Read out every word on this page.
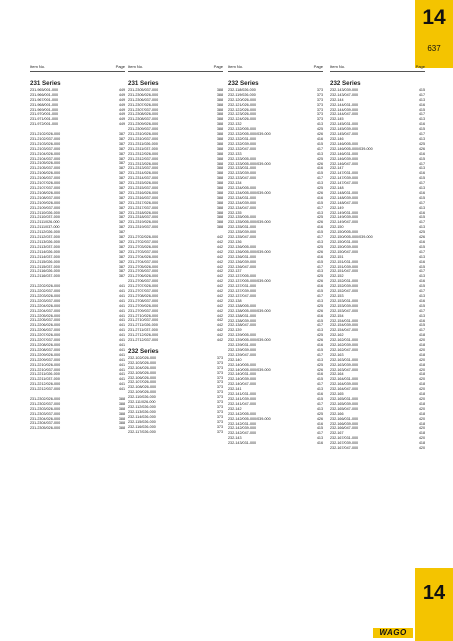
14
637
14
WAGO
Item No.	Page
231 Series
231-965/001-000	449
231-966/001-000	449
231-967/001-000	449
231-968/001-000	449
231-969/001-000	449
231-970/001-000	449
231-971/001-000	449
231-972/001-000	449
231-2102/026-000	387
231-2102/037-000	387
231-2103/026-000	387
231-2103/037-000	387
231-2104/026-000	387
231-2104/037-000	387
231-2105/026-000	387
231-2105/037-000	387
231-2106/026-000	387
231-2106/037-000	387
231-2107/026-000	387
231-2107/037-000	387
231-2108/026-000	387
231-2108/037-000	387
231-2109/026-000	387
231-2109/037-000	387
231-2110/026-000	387
231-2110/037-000	387
231-2111/026-000	387
231-2111/037-000	387
231-2112/026-000	387
231-2112/037-000	387
231-2113/026-000	387
231-2113/037-000	387
231-2114/026-000	387
231-2114/037-000	387
231-2115/026-000	387
231-2115/037-000	387
231-2116/026-000	387
231-2116/037-000	387
231-2202/026-000	441
231-2202/037-000	441
231-2203/026-000	441
231-2203/037-000	441
231-2204/026-000	441
231-2204/037-000	441
231-2205/026-000	441
231-2205/037-000	441
231-2206/026-000	441
231-2206/037-000	441
231-2207/026-000	441
231-2207/037-000	441
231-2208/026-000	441
231-2208/037-000	441
231-2209/026-000	441
231-2209/037-000	441
231-2210/026-000	441
231-2210/037-000	441
231-2211/026-000	441
231-2211/037-000	441
231-2212/026-000	441
231-2212/037-000	441
231-2302/026-000	388
231-2302/037-000	388
231-2303/026-000	388
231-2303/037-000	388
231-2304/026-000	388
231-2304/037-000	388
231-2305/026-000	388
Item No.	Page
231 Series
231-2305/037-000	388
231-2306/026-000	388
231-2306/037-000	388
231-2307/026-000	388
231-2307/037-000	388
231-2308/026-000	388
231-2308/037-000	388
231-2309/026-000	388
231-2309/037-000	388
231-2310/026-000	388
231-2310/037-000	388
231-2311/026-000	388
231-2311/037-000	388
231-2312/026-000	388
231-2312/037-000	388
231-2313/026-000	388
231-2313/037-000	388
231-2314/026-000	388
231-2314/037-000	388
231-2315/026-000	388
231-2315/037-000	388
231-2316/026-000	388
231-2316/037-000	388
231-2317/026-000	388
231-2317/037-000	388
231-2318/026-000	388
231-2318/037-000	388
231-2319/026-000	388
231-2319/037-000	388
231-2702/026-000	442
231-2702/037-000	442
231-2703/026-000	442
231-2703/037-000	442
231-2704/026-000	442
231-2704/037-000	442
231-2705/026-000	442
231-2705/037-000	442
231-2706/026-000	442
231-2706/037-000	442
231-2707/026-000	442
231-2707/037-000	442
231-2708/026-000	442
231-2708/037-000	442
231-2709/026-000	442
231-2709/037-000	442
231-2710/026-000	442
231-2710/037-000	442
231-2711/026-000	442
231-2711/037-000	442
231-2712/026-000	442
231-2712/037-000	442
232 Series
232-102/026-000	373
232-103/026-000	373
232-104/026-000	373
232-105/026-000	373
232-106/026-000	373
232-107/026-000	373
232-108/026-000	373
232-109/026-000	373
232-110/026-000	373
232-111/026-000	373
232-112/026-000	373
232-113/026-000	373
232-114/026-000	373
232-115/026-000	373
232-116/026-000	373
232-117/026-000	373
Item No.	Page
232 Series
232-118/026-000	373
232-119/026-000	373
232-120/026-000	373
232-121/026-000	373
232-122/026-000	373
232-123/026-000	373
232-124/026-000	373
232-132	413
232-132/005-000	425
232-132/005-000/039-000	426
232-132/031-000	416
232-132/039-000	415
232-132/047-000	417
232-133	413
232-133/005-000	425
232-133/005-000/039-000	426
232-133/031-000	416
232-133/039-000	415
232-133/047-000	417
232-134	413
232-134/005-000	425
232-134/005-000/039-000	426
232-134/031-000	416
232-134/039-000	415
232-134/047-000	417
232-135	413
232-135/005-000	425
232-135/005-000/039-000	426
232-135/031-000	416
232-135/039-000	415
232-135/047-000	417
232-136	413
232-136/005-000	425
232-136/005-000/039-000	426
232-136/031-000	416
232-136/039-000	415
232-136/047-000	417
232-137	413
232-137/005-000	425
232-137/005-000/039-000	426
232-137/031-000	416
232-137/039-000	415
232-137/047-000	417
232-138	413
232-138/005-000	425
232-138/005-000/039-000	426
232-138/031-000	416
232-138/039-000	415
232-138/047-000	417
232-139	413
232-139/005-000	425
232-139/005-000/039-000	426
232-139/031-000	416
232-139/039-000	415
232-139/047-000	417
232-140	413
232-140/005-000	425
232-140/005-000/039-000	426
232-140/031-000	416
232-140/039-000	415
232-140/047-000	417
232-141	413
232-141/031-000	416
232-141/039-000	415
232-141/047-000	417
232-142	413
232-142/005-000	425
232-142/005-000/039-000	426
232-142/031-000	416
232-142/039-000	415
232-142/047-000	417
232-143	413
232-143/031-000	416
Item No.	Page
232 Series
232-143/039-000	415
232-143/047-000	417
232-144	413
232-144/031-000	416
232-144/039-000	415
232-144/047-000	417
232-145	413
232-145/031-000	416
232-145/039-000	415
232-145/047-000	417
232-146	413
232-146/005-000	425
232-146/005-000/039-000	426
232-146/031-000	416
232-146/039-000	415
232-146/047-000	417
232-147	413
232-147/031-000	416
232-147/039-000	415
232-147/047-000	417
232-148	413
232-148/031-000	416
232-148/039-000	415
232-148/047-000	417
232-149	413
232-149/031-000	416
232-149/039-000	415
232-149/047-000	417
232-150	413
232-150/005-000	425
232-150/005-000/039-000	426
232-150/031-000	416
232-150/039-000	415
232-150/047-000	417
232-151	413
232-151/031-000	416
232-151/039-000	415
232-151/047-000	417
232-152	413
232-152/031-000	416
232-152/039-000	415
232-152/047-000	417
232-153	413
232-153/031-000	416
232-153/039-000	415
232-153/047-000	417
232-154	413
232-154/031-000	416
232-154/039-000	415
232-154/047-000	417
232-162	418
232-162/031-000	420
232-162/039-000	418
232-162/047-000	420
232-163	418
232-163/031-000	420
232-163/039-000	418
232-163/047-000	420
232-164	418
232-164/031-000	420
232-164/039-000	418
232-164/047-000	420
232-165	418
232-165/031-000	420
232-165/039-000	418
232-165/047-000	420
232-166	418
232-166/031-000	420
232-166/039-000	418
232-166/047-000	420
232-167	418
232-167/031-000	420
232-167/039-000	418
232-167/047-000	420
